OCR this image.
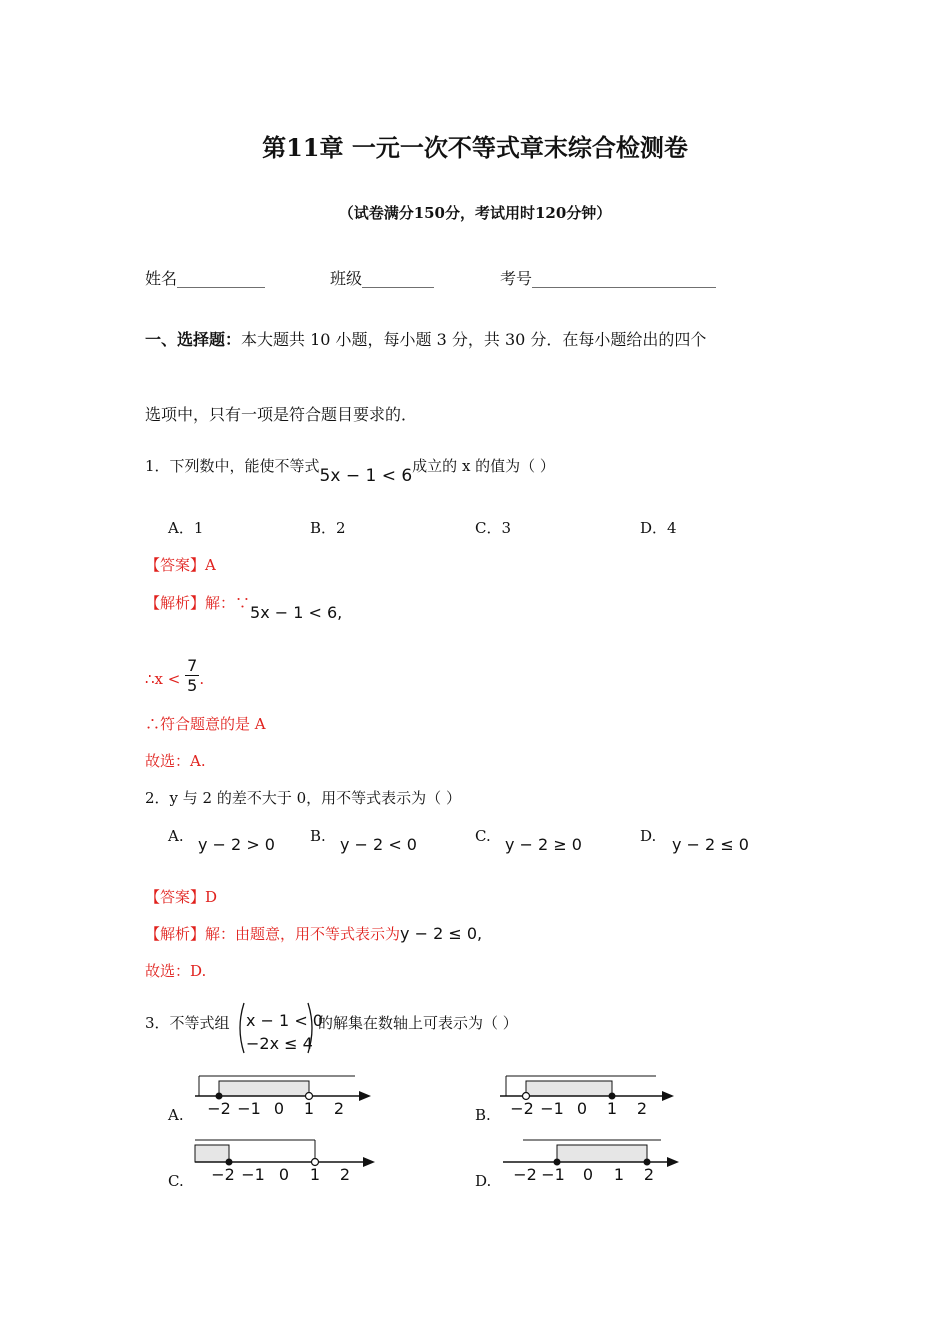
第11章 一元一次不等式章末综合检测卷
（试卷满分150分，考试用时120分钟）
姓名___________	班级_________	考号_______________________
一、选择题：本大题共 10 小题，每小题 3 分，共 30 分．在每小题给出的四个
选项中，只有一项是符合题目要求的．
1．下列数中，能使不等式5x − 1 < 6成立的 x 的值为（ ）
A．1	B．2	C．3	D．4
【答案】A
【解析】解：∵5x − 1 < 6,
∴x < $\frac{7}{5}$ .
∴符合题意的是 A
故选：A.
2．y 与 2 的差不大于 0，用不等式表示为（ ）
A. y − 2 > 0 B. y − 2 < 0	C. y − 2 ≥ 0	D. y − 2 ≤ 0
【答案】D
【解析】解：由题意，用不等式表示为y − 2 ≤ 0,
故选：D.
3．不等式组 x − 1 < 0
−2x ≤ 4
的解集在数轴上可表示为（ ）
A. −2 −1 0 1 2	B. −2 −1 0 1 2
C. −2 −1 0 1 2	D. −2 −1 0 1 2
